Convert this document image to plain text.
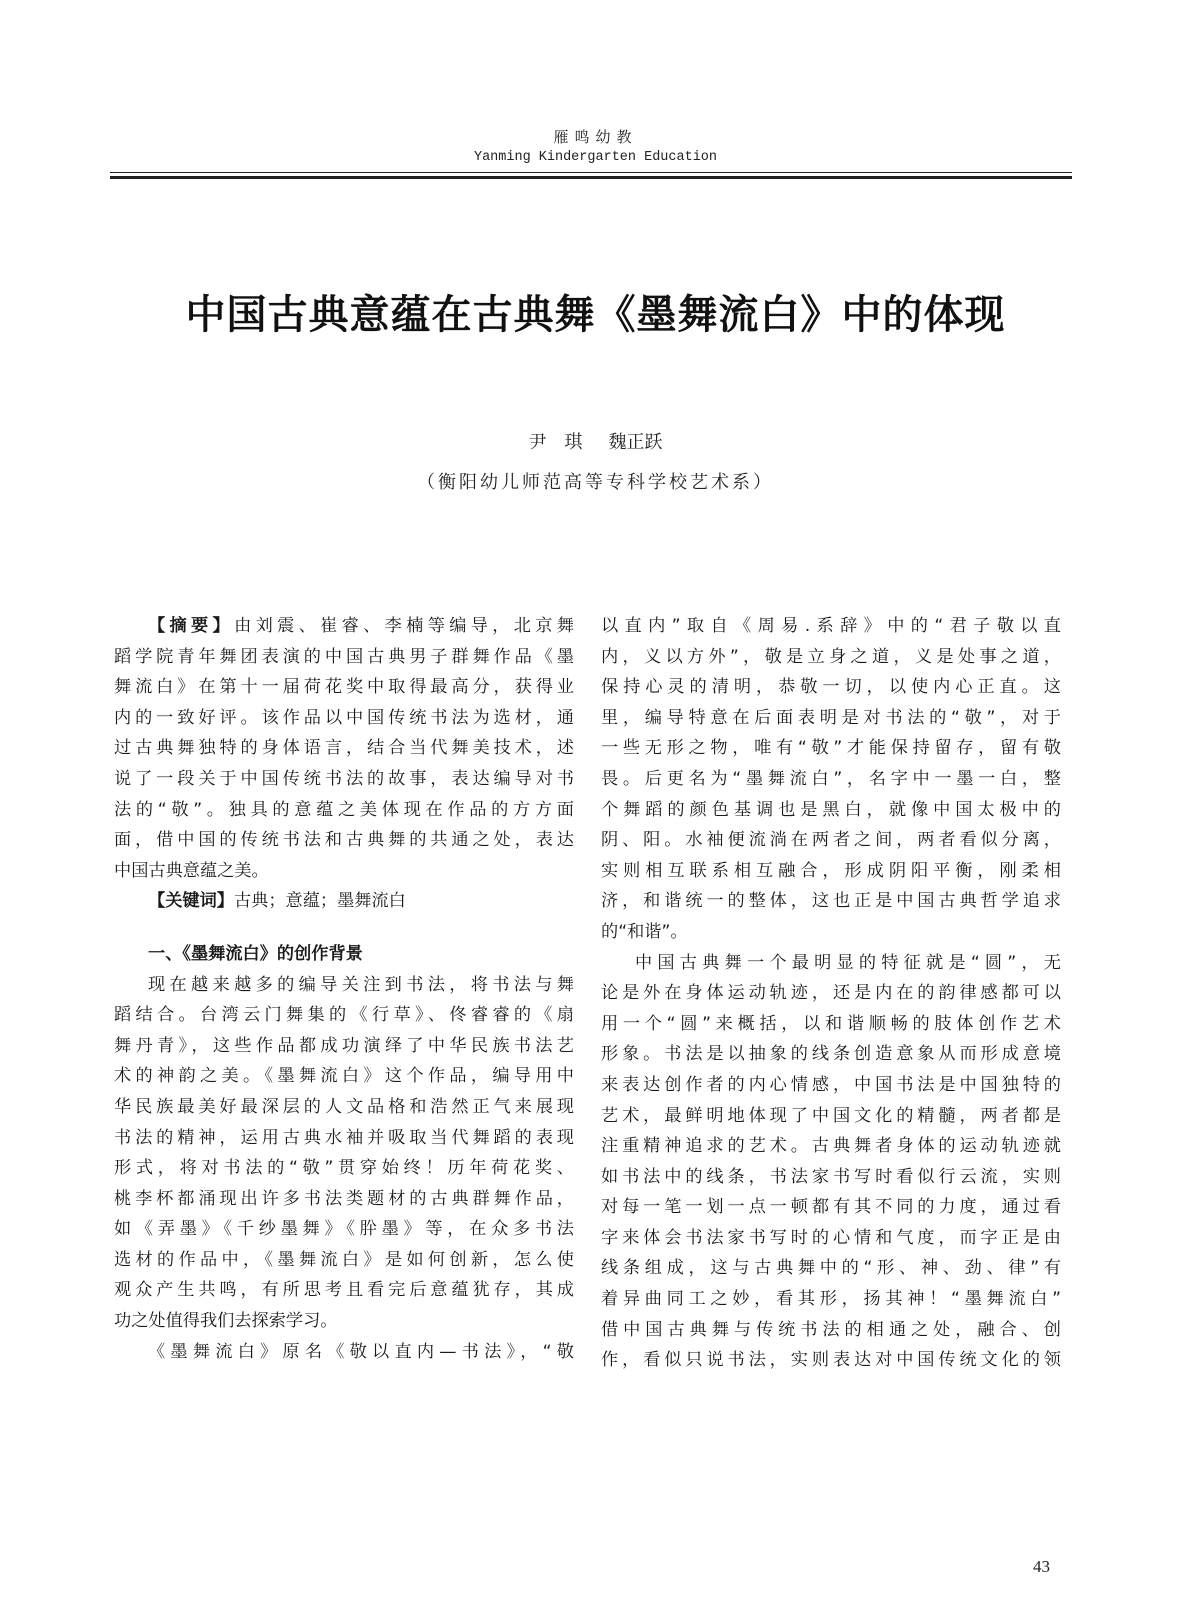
雁鸣幼教
Yanming Kindergarten Education
中国古典意蕴在古典舞《墨舞流白》中的体现
尹　琪 魏正跃
（衡阳幼儿师范高等专科学校艺术系）
【摘要】由刘震、崔睿、李楠等编导，北京舞
蹈学院青年舞团表演的中国古典男子群舞作品《墨
舞流白》在第十一届荷花奖中取得最高分，获得业
内的一致好评。该作品以中国传统书法为选材，通
过古典舞独特的身体语言，结合当代舞美技术，述
说了一段关于中国传统书法的故事，表达编导对书
法的“敬”。独具的意蕴之美体现在作品的方方面
面，借中国的传统书法和古典舞的共通之处，表达
中国古典意蕴之美。
【关键词】古典；意蕴；墨舞流白
一、《墨舞流白》的创作背景
现在越来越多的编导关注到书法，将书法与舞
蹈结合。台湾云门舞集的《行草》、佟睿睿的《扇
舞丹青》，这些作品都成功演绎了中华民族书法艺
术的神韵之美。《墨舞流白》这个作品，编导用中
华民族最美好最深层的人文品格和浩然正气来展现
书法的精神，运用古典水袖并吸取当代舞蹈的表现
形式，将对书法的“敬”贯穿始终！历年荷花奖、
桃李杯都涌现出许多书法类题材的古典群舞作品，
如《弄墨》《千纱墨舞》《肸墨》等，在众多书法
选材的作品中，《墨舞流白》是如何创新，怎么使
观众产生共鸣，有所思考且看完后意蕴犹存，其成
功之处值得我们去探索学习。
《墨舞流白》原名《敬以直内—书法》，“敬
以直内”取自《周易.系辞》中的“君子敬以直
内，义以方外”，敬是立身之道，义是处事之道，
保持心灵的清明，恭敬一切，以使内心正直。这
里，编导特意在后面表明是对书法的“敬”，对于
一些无形之物，唯有“敬”才能保持留存，留有敬
畏。后更名为“墨舞流白”，名字中一墨一白，整
个舞蹈的颜色基调也是黑白，就像中国太极中的
阴、阳。水袖便流淌在两者之间，两者看似分离，
实则相互联系相互融合，形成阴阳平衡，刚柔相
济，和谐统一的整体，这也正是中国古典哲学追求
的“和谐”。
中国古典舞一个最明显的特征就是“圆”，无
论是外在身体运动轨迹，还是内在的韵律感都可以
用一个“圆”来概括，以和谐顺畅的肢体创作艺术
形象。书法是以抽象的线条创造意象从而形成意境
来表达创作者的内心情感，中国书法是中国独特的
艺术，最鲜明地体现了中国文化的精髓，两者都是
注重精神追求的艺术。古典舞者身体的运动轨迹就
如书法中的线条，书法家书写时看似行云流，实则
对每一笔一划一点一顿都有其不同的力度，通过看
字来体会书法家书写时的心情和气度，而字正是由
线条组成，这与古典舞中的“形、神、劲、律”有
着异曲同工之妙，看其形，扬其神！“墨舞流白”
借中国古典舞与传统书法的相通之处，融合、创
作，看似只说书法，实则表达对中国传统文化的领
43
